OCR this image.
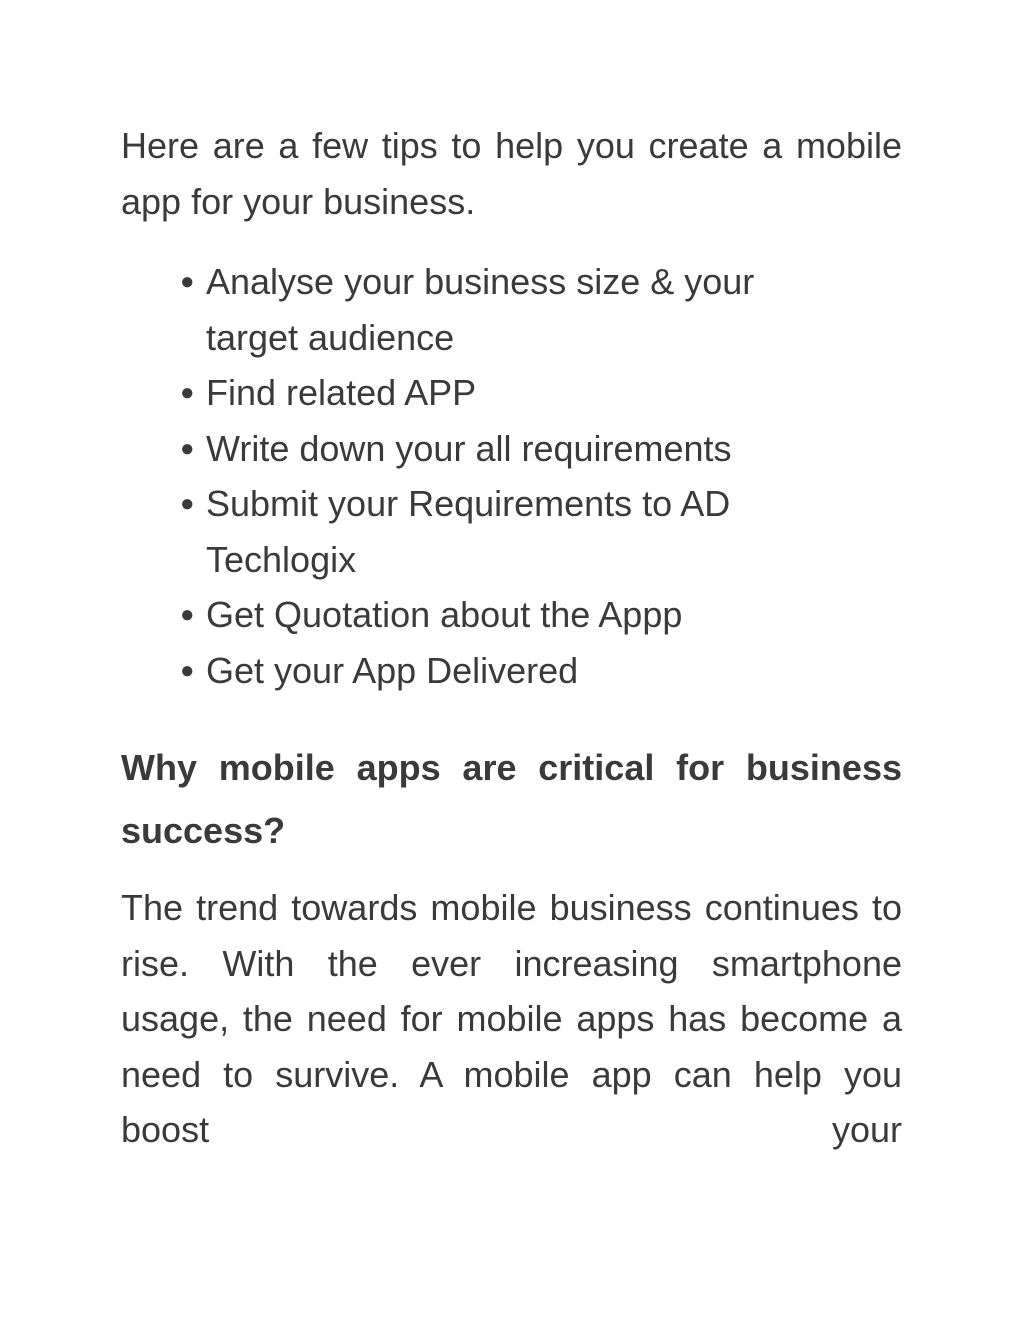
Here are a few tips to help you create a mobile app for your business.

● Analyse your business size & your target audience
● Find related APP
● Write down your all requirements
● Submit your Requirements to AD Techlogix
● Get Quotation about the Appp
● Get your App Delivered
Why mobile apps are critical for business success?

The trend towards mobile business continues to rise. With the ever increasing smartphone usage, the need for mobile apps has become a need to survive. A mobile app can help you boost your
